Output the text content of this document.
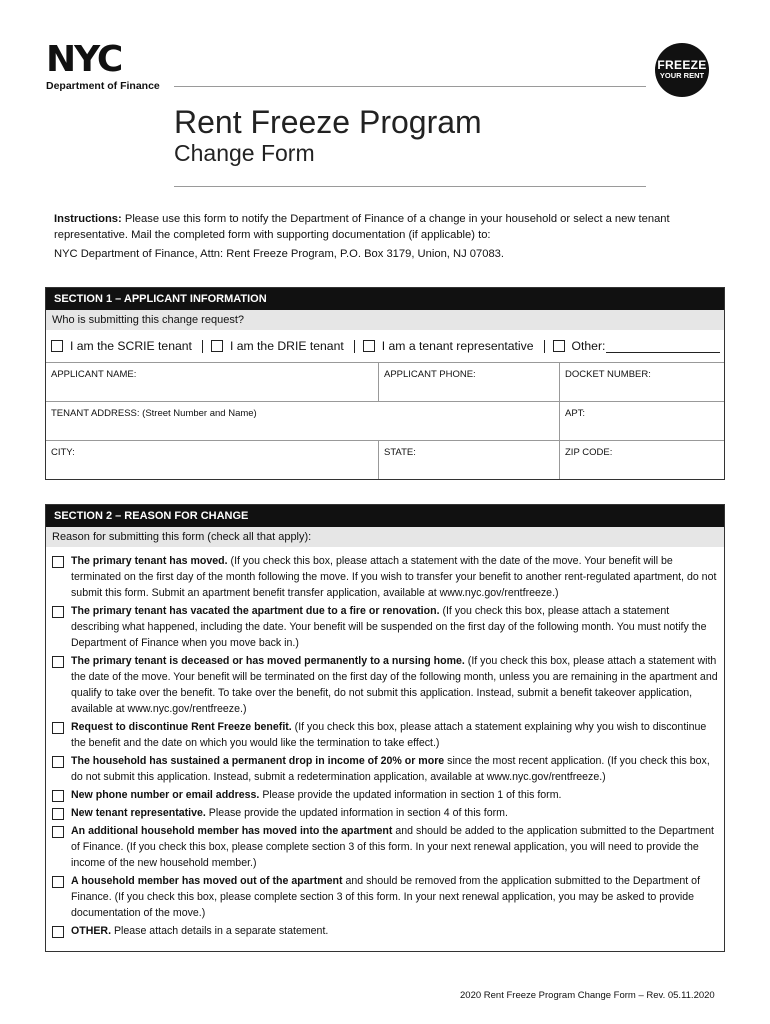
NYC
Department of Finance
FREEZE
YOUR RENT
Rent Freeze Program
Change Form
Instructions: Please use this form to notify the Department of Finance of a change in your household or select a new tenant representative. Mail the completed form with supporting documentation (if applicable) to:
NYC Department of Finance, Attn: Rent Freeze Program, P.O. Box 3179, Union, NJ 07083.
SECTION 1 – APPLICANT INFORMATION
Who is submitting this change request?
I am the SCRIE tenant	I am the DRIE tenant	I am a tenant representative	Other:
APPLICANT NAME:	APPLICANT PHONE:	DOCKET NUMBER:
TENANT ADDRESS: (Street Number and Name)	APT:
CITY:	STATE:	ZIP CODE:
SECTION 2 – REASON FOR CHANGE
Reason for submitting this form (check all that apply):
The primary tenant has moved. (If you check this box, please attach a statement with the date of the move. Your benefit will be terminated on the first day of the month following the move. If you wish to transfer your benefit to another rent-regulated apartment, do not submit this form. Submit an apartment benefit transfer application, available at www.nyc.gov/rentfreeze.)
The primary tenant has vacated the apartment due to a fire or renovation. (If you check this box, please attach a statement describing what happened, including the date. Your benefit will be suspended on the first day of the following month. You must notify the Department of Finance when you move back in.)
The primary tenant is deceased or has moved permanently to a nursing home. (If you check this box, please attach a statement with the date of the move. Your benefit will be terminated on the first day of the following month, unless you are remaining in the apartment and qualify to take over the benefit. To take over the benefit, do not submit this application. Instead, submit a benefit takeover application, available at www.nyc.gov/rentfreeze.)
Request to discontinue Rent Freeze benefit. (If you check this box, please attach a statement explaining why you wish to discontinue the benefit and the date on which you would like the termination to take effect.)
The household has sustained a permanent drop in income of 20% or more since the most recent application. (If you check this box, do not submit this application. Instead, submit a redetermination application, available at www.nyc.gov/rentfreeze.)
New phone number or email address. Please provide the updated information in section 1 of this form.
New tenant representative. Please provide the updated information in section 4 of this form.
An additional household member has moved into the apartment and should be added to the application submitted to the Department of Finance. (If you check this box, please complete section 3 of this form. In your next renewal application, you will need to provide the income of the new household member.)
A household member has moved out of the apartment and should be removed from the application submitted to the Department of Finance. (If you check this box, please complete section 3 of this form. In your next renewal application, you may be asked to provide documentation of the move.)
OTHER. Please attach details in a separate statement.
2020 Rent Freeze Program Change Form – Rev. 05.11.2020
